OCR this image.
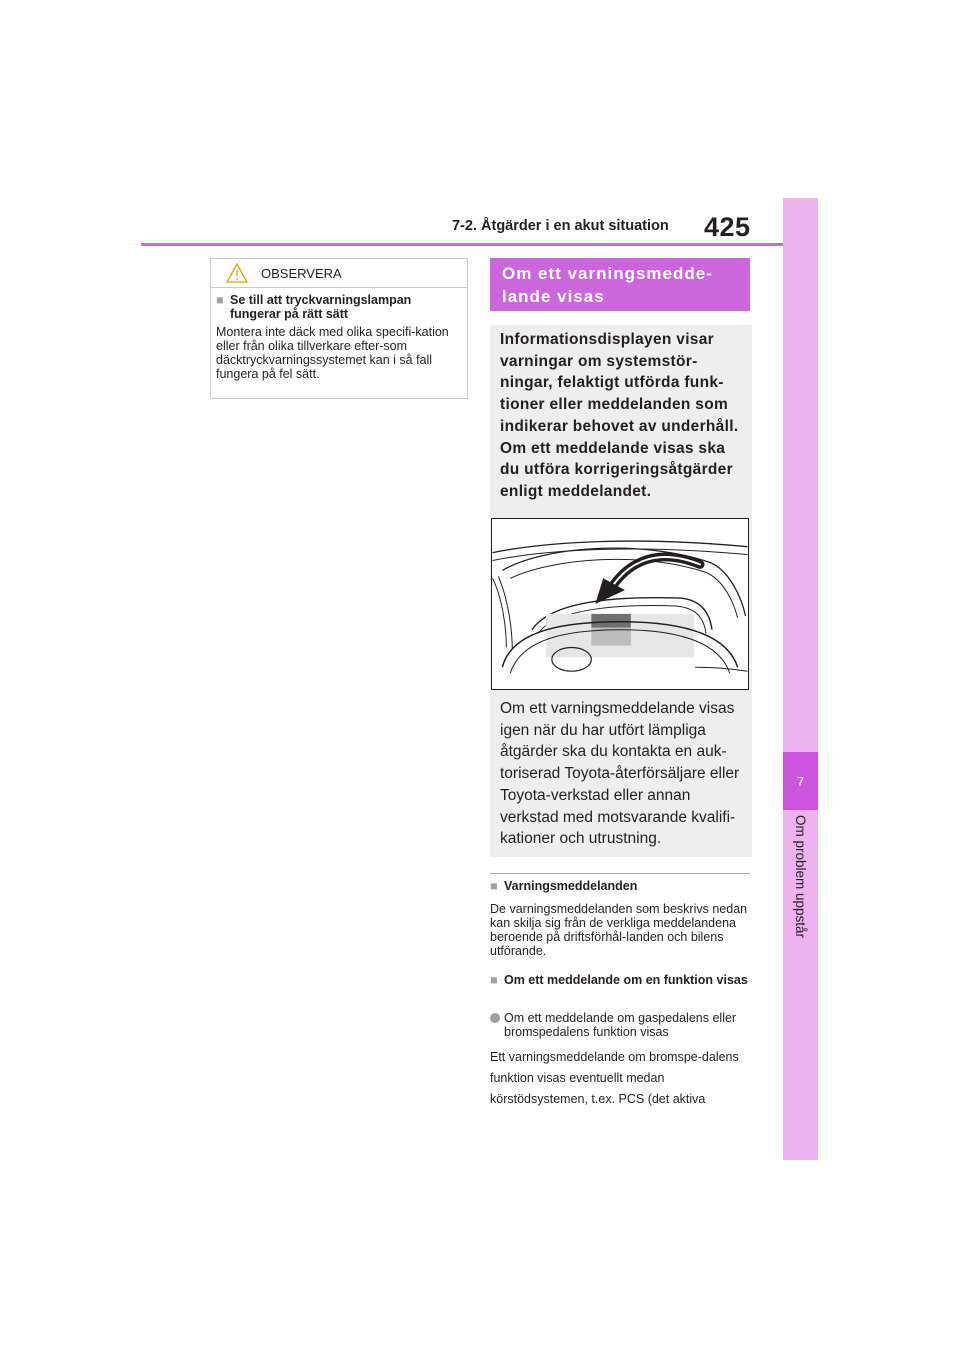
7-2. Åtgärder i en akut situation 425
7
Om problem uppstår
OBSERVERA
■ Se till att tryckvarningslampan fungerar på rätt sätt
Montera inte däck med olika specifi-kation eller från olika tillverkare efter-som däcktryckvarningssystemet kan i så fall fungera på fel sätt.
Om ett varningsmedde-lande visas
Informationsdisplayen visar varningar om systemstör-ningar, felaktigt utförda funk-tioner eller meddelanden som indikerar behovet av underhåll. Om ett meddelande visas ska du utföra korrigeringsåtgärder enligt meddelandet.
Om ett varningsmeddelande visas igen när du har utfört lämpliga åtgärder ska du kontakta en auk-toriserad Toyota-återförsäljare eller Toyota-verkstad eller annan verkstad med motsvarande kvalifi-kationer och utrustning.
■ Varningsmeddelanden
De varningsmeddelanden som beskrivs nedan kan skilja sig från de verkliga meddelandena beroende på driftsförhål-landen och bilens utförande.
■ Om ett meddelande om en funktion visas
Om ett meddelande om gaspedalens eller bromspedalens funktion visas
Ett varningsmeddelande om bromspe-dalens funktion visas eventuellt medan körstödsystemen, t.ex. PCS (det aktiva
